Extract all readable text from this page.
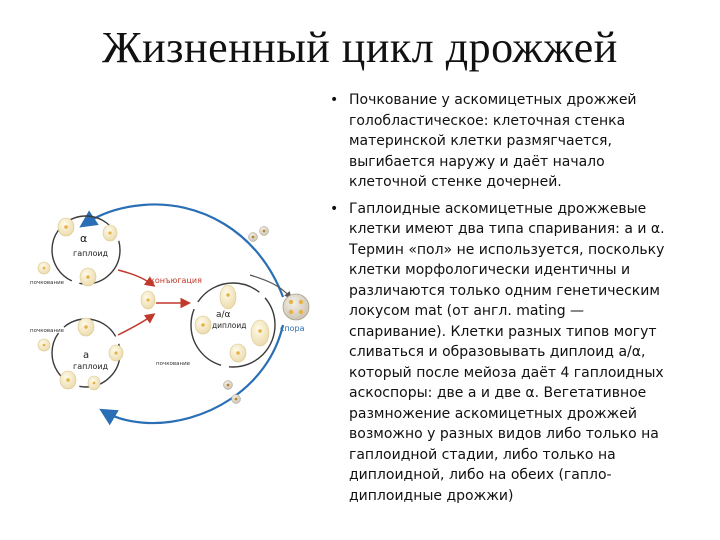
Жизненный цикл дрожжей
α
гаплоид
почкование
a
гаплоид
почкование
конъюгация
a/α
диплоид
почкование
спора
• Почкование у аскомицетных дрожжей голобластическое: клеточная стенка материнской клетки размягчается, выгибается наружу и даёт начало клеточной стенке дочерней.
• Гаплоидные аскомицетные дрожжевые клетки имеют два типа спаривания: a и α. Термин «пол» не используется, поскольку клетки морфологически идентичны и различаются только одним генетическим локусом mat (от англ. mating — спаривание). Клетки разных типов могут сливаться и образовывать диплоид a/α, который после мейоза даёт 4 гаплоидных аскоспоры: две a и две α. Вегетативное размножение аскомицетных дрожжей возможно у разных видов либо только на гаплоидной стадии, либо только на диплоидной, либо на обеих (гапло-диплоидные дрожжи)
